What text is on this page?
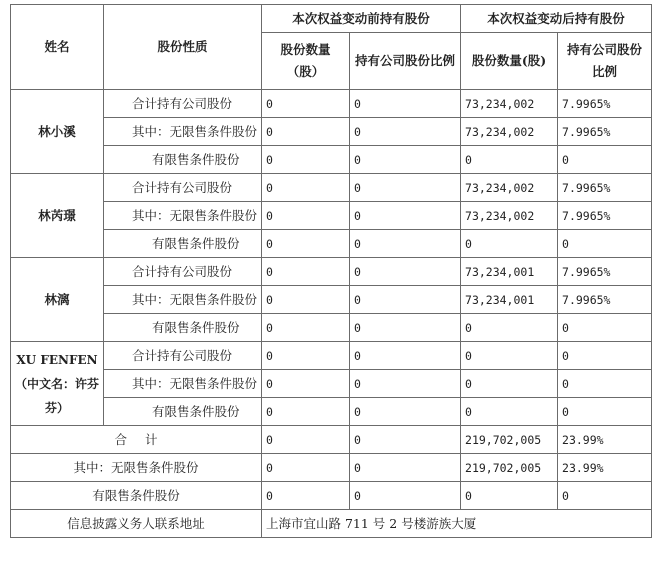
姓名	股份性质	本次权益变动前持有股份		本次权益变动后持有股份	
		股份数量（股）	持有公司股份比例	股份数量(股)	持有公司股份比例
林小溪	合计持有公司股份	0	0	73,234,002	7.9965%
	其中：无限售条件股份	0	0	73,234,002	7.9965%
	有限售条件股份	0	0	0	0
林芮璟	合计持有公司股份	0	0	73,234,002	7.9965%
	其中：无限售条件股份	0	0	73,234,002	7.9965%
	有限售条件股份	0	0	0	0
林漓	合计持有公司股份	0	0	73,234,001	7.9965%
	其中：无限售条件股份	0	0	73,234,001	7.9965%
	有限售条件股份	0	0	0	0
XU FENFEN （中文名：许芬芬）	合计持有公司股份	0	0	0	0
	其中：无限售条件股份	0	0	0	0
	有限售条件股份	0	0	0	0
合 计		0	0	219,702,005	23.99%
其中：无限售条件股份		0	0	219,702,005	23.99%
有限售条件股份		0	0	0	0
信息披露义务人联系地址		上海市宜山路 711 号 2 号楼游族大厦			
